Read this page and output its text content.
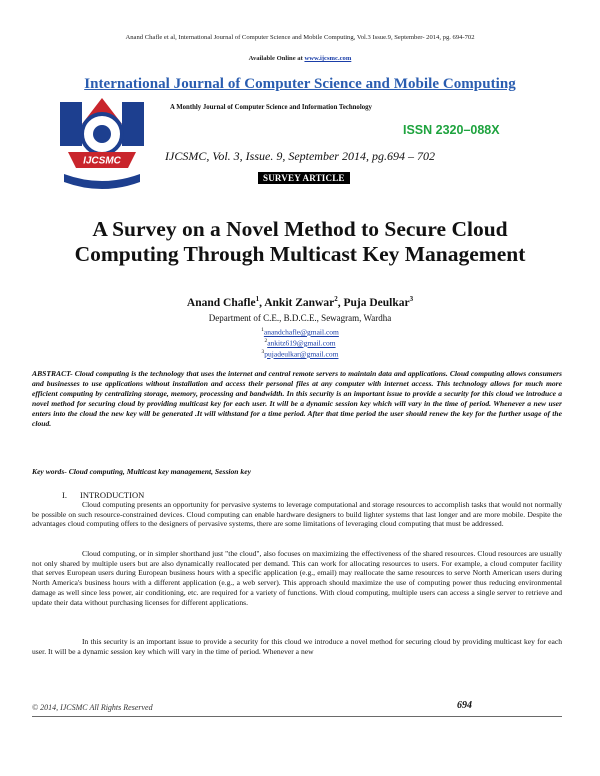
Anand Chafle et al, International Journal of Computer Science and Mobile Computing, Vol.3 Issue.9, September- 2014, pg. 694-702
Available Online at www.ijcsmc.com
International Journal of Computer Science and Mobile Computing
A Monthly Journal of Computer Science and Information Technology
IJCSMC
ISSN 2320–088X
IJCSMC, Vol. 3, Issue. 9, September 2014, pg.694 – 702
SURVEY ARTICLE
A Survey on a Novel Method to Secure Cloud
Computing Through Multicast Key Management
Anand Chafle$^1$, Ankit Zanwar$^2$, Puja Deulkar$^3$
Department of C.E., B.D.C.E., Sewagram, Wardha
$^1$anandchafle@gmail.com
$^2$ankitz619@gmail.com
$^3$pujadeulkar@gmail.com
ABSTRACT- Cloud computing is the technology that uses the internet and central remote servers to maintain data and applications. Cloud computing allows consumers and businesses to use applications without installation and access their personal files at any computer with internet access. This technology allows for much more efficient computing by centralizing storage, memory, processing and bandwidth. In this security is an important issue to provide a security for this cloud we introduce a novel method for securing cloud by providing multicast key for each user. It will be a dynamic session key which will vary in the time of period. Whenever a new user enters into the cloud the new key will be generated .It will withstand for a time period. After that time period the user should renew the key for the further usage of the cloud.
Key words- Cloud computing, Multicast key management, Session key
I. INTRODUCTION
Cloud computing presents an opportunity for pervasive systems to leverage computational and storage resources to accomplish tasks that would not normally be possible on such resource-constrained devices. Cloud computing can enable hardware designers to build lighter systems that last longer and are more mobile. Despite the advantages cloud computing offers to the designers of pervasive systems, there are some limitations of leveraging cloud computing that must be addressed.
Cloud computing, or in simpler shorthand just "the cloud", also focuses on maximizing the effectiveness of the shared resources. Cloud resources are usually not only shared by multiple users but are also dynamically reallocated per demand. This can work for allocating resources to users. For example, a cloud computer facility that serves European users during European business hours with a specific application (e.g., email) may reallocate the same resources to serve North American users during North America's business hours with a different application (e.g., a web server). This approach should maximize the use of computing power thus reducing environmental damage as well since less power, air conditioning, etc. are required for a variety of functions. With cloud computing, multiple users can access a single server to retrieve and update their data without purchasing licenses for different applications.
In this security is an important issue to provide a security for this cloud we introduce a novel method for securing cloud by providing multicast key for each user. It will be a dynamic session key which will vary in the time of period. Whenever a new
© 2014, IJCSMC All Rights Reserved	694
